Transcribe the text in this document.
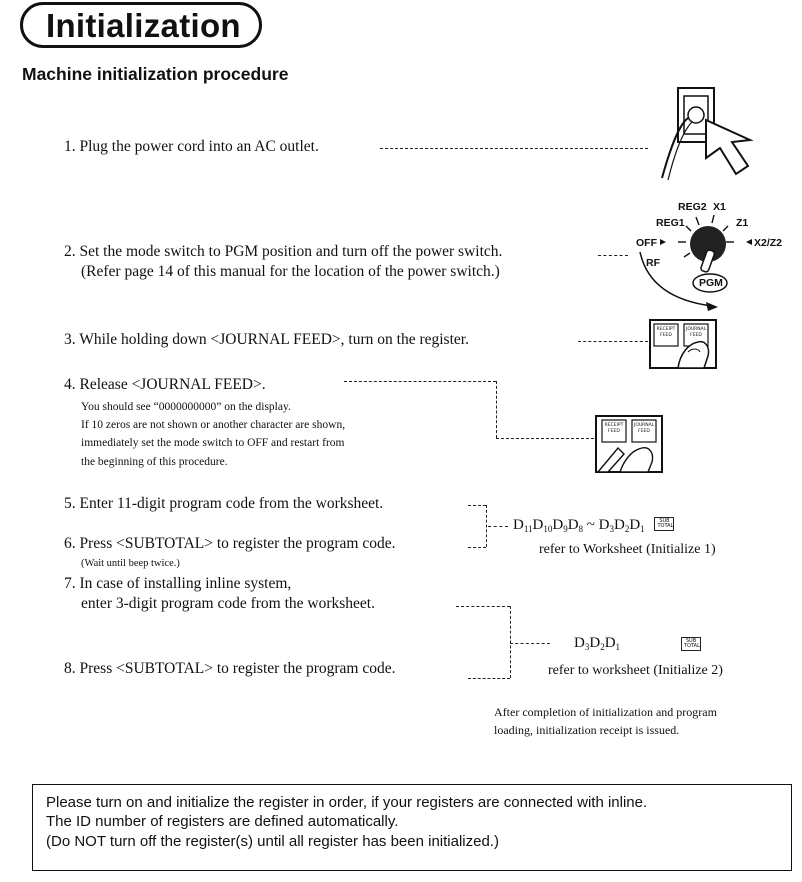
Initialization
Machine initialization procedure
1. Plug the power cord into an AC outlet.
2. Set the mode switch to PGM position and turn off the power switch.
(Refer page 14 of this manual for the location of the power switch.)
REG2 X1
REG1	Z1
OFF	X2/Z2
RF
PGM
3. While holding down <JOURNAL FEED>, turn on the register.
RECEIPT
FEED
JOURNAL
FEED
4. Release <JOURNAL FEED>.
You should see “0000000000” on the display.
If 10 zeros are not shown or another character are shown,
immediately set the mode switch to OFF and restart from
the beginning of this procedure.
RECEIPT
FEED
JOURNAL
FEED
5. Enter 11-digit program code from the worksheet.
6. Press <SUBTOTAL> to register the program code.
(Wait until beep twice.)
$D_{11}D_{10}D_9D_8$ ~ $D_3D_2D_1$
SUB
TOTAL
refer to Worksheet (Initialize 1)
7. In case of installing inline system,
enter 3-digit program code from the worksheet.
$D_3D_2D_1$
SUB
TOTAL
refer to worksheet (Initialize 2)
8. Press <SUBTOTAL> to register the program code.
After completion of initialization and program
loading, initialization receipt is issued.
Please turn on and initialize the register in order, if your registers are connected with inline.
The ID number of registers are defined automatically.
(Do NOT turn off the register(s) until all register has been initialized.)
